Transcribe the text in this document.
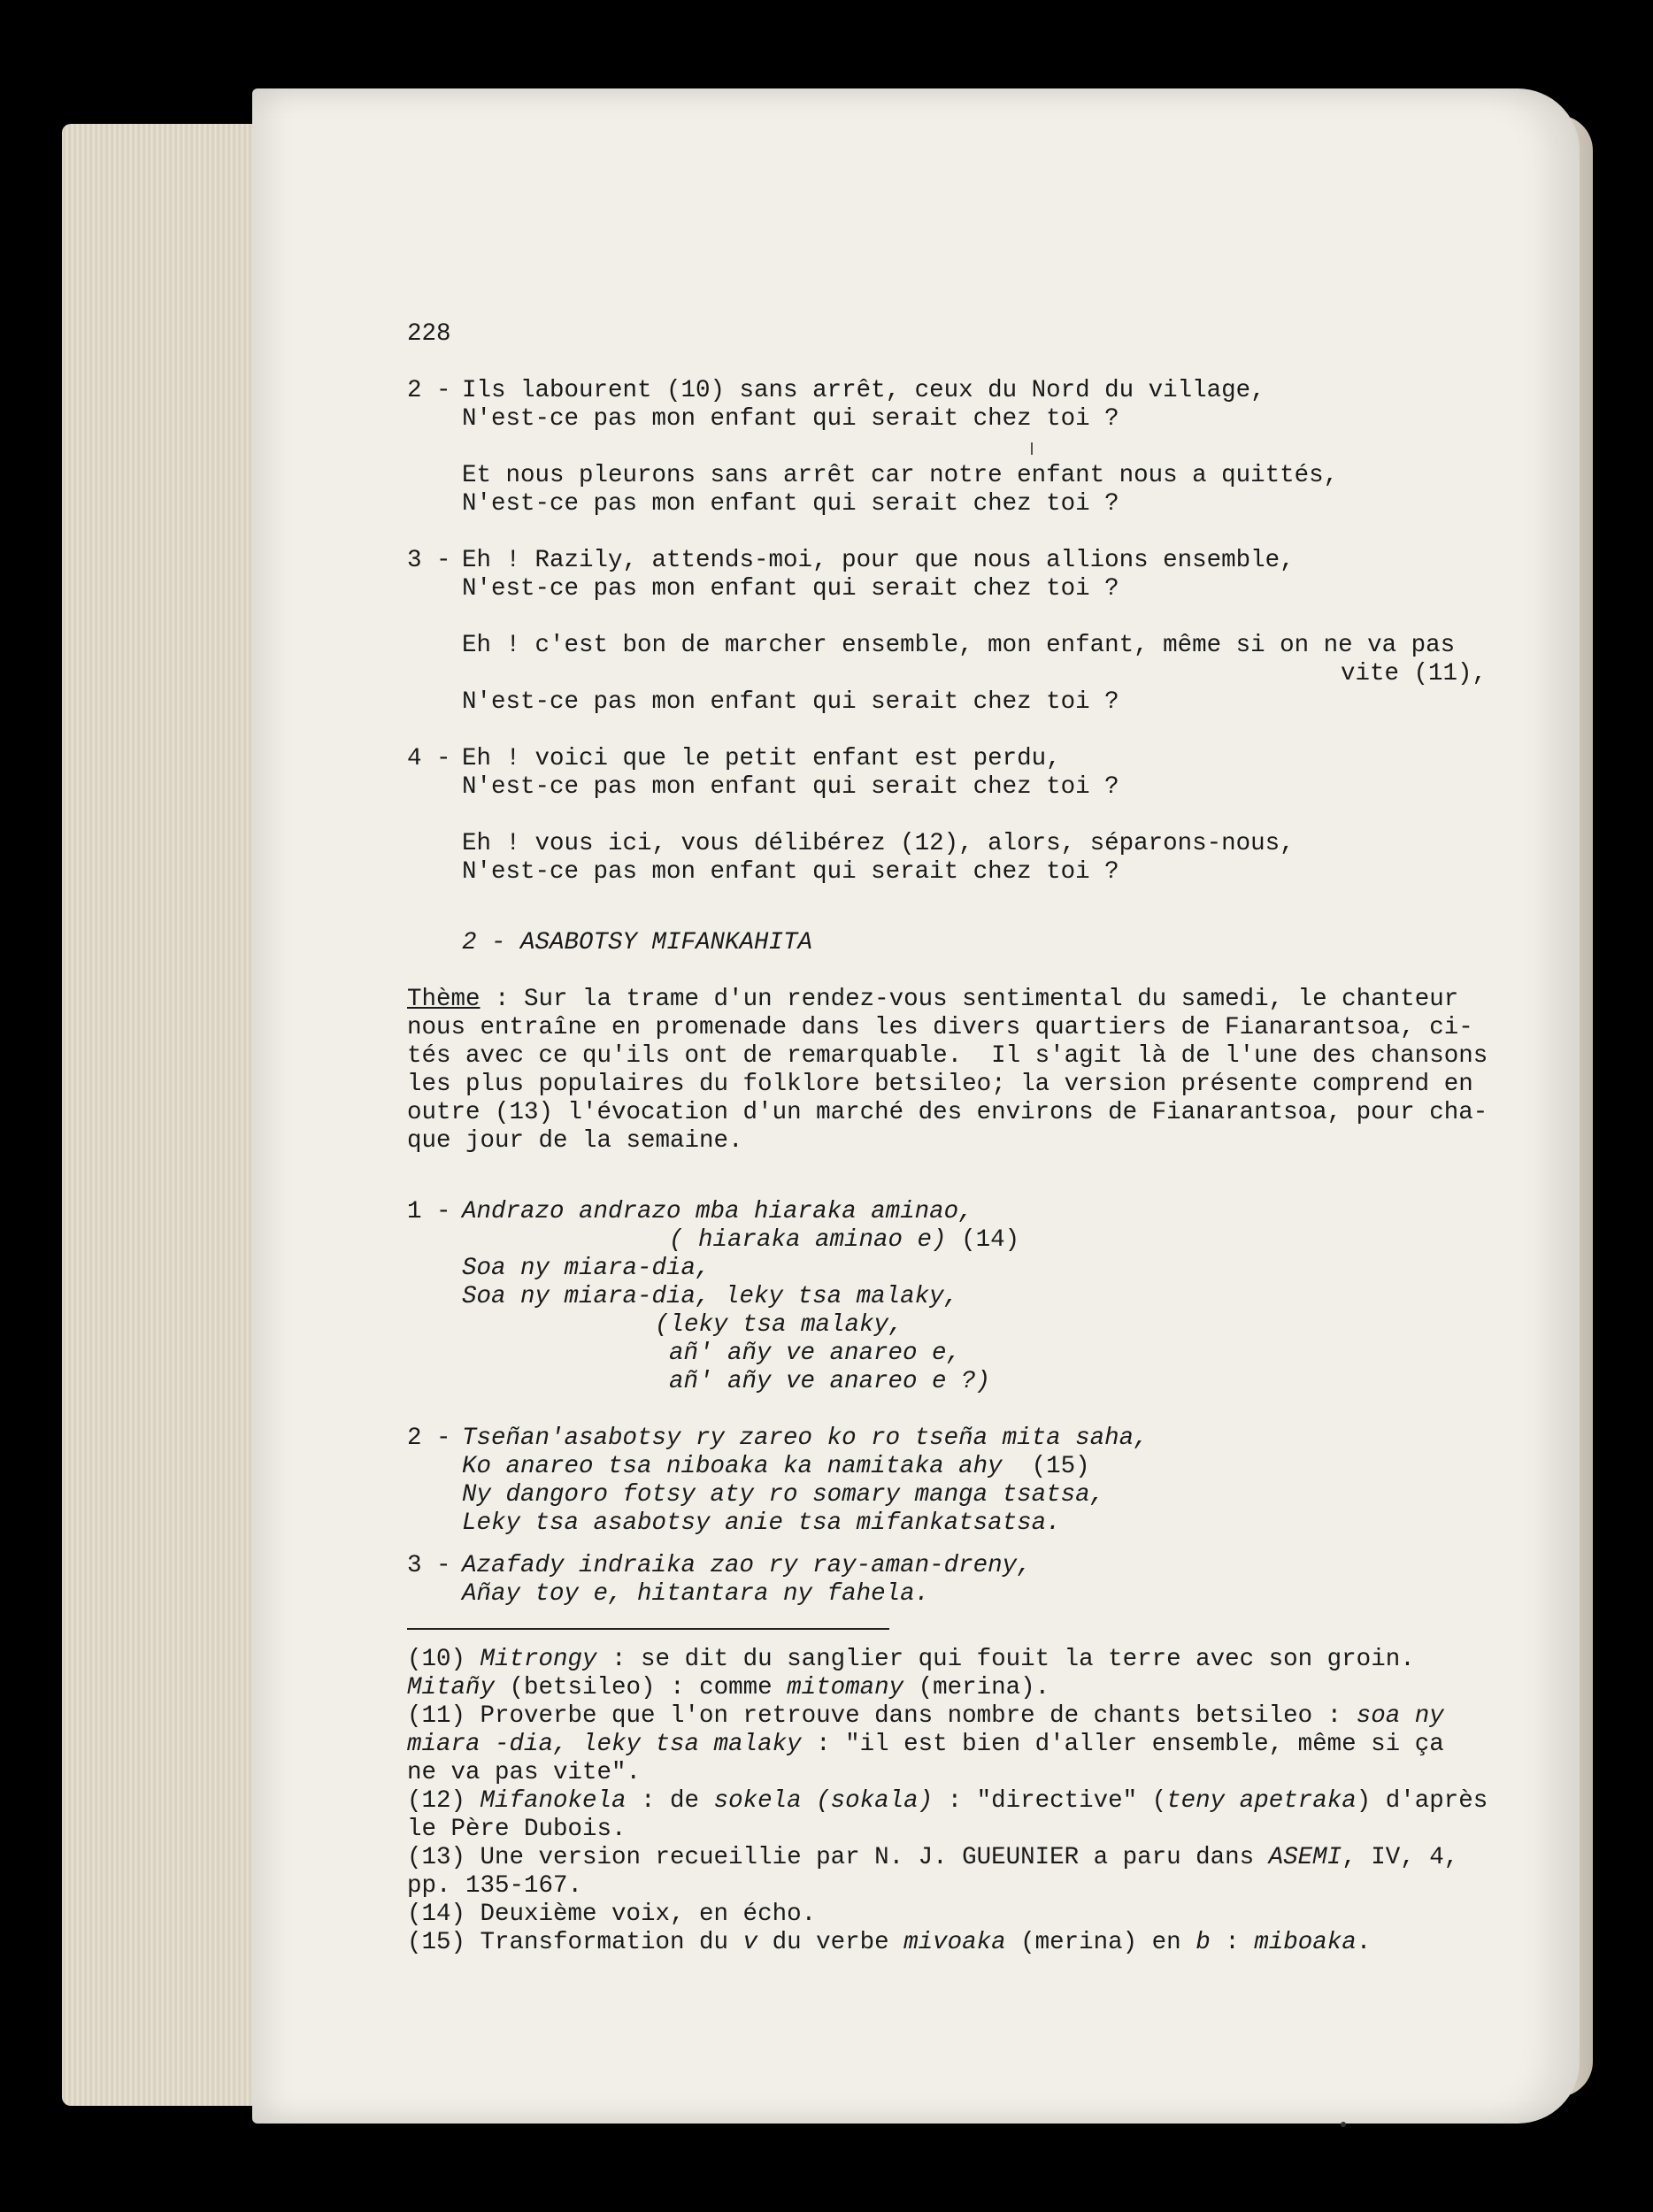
228
2 - Ils labourent (10) sans arrêt, ceux du Nord du village,
N'est-ce pas mon enfant qui serait chez toi ?
Et nous pleurons sans arrêt car notre enfant nous a quittés,
N'est-ce pas mon enfant qui serait chez toi ?
3 - Eh ! Razily, attends-moi, pour que nous allions ensemble,
N'est-ce pas mon enfant qui serait chez toi ?
Eh ! c'est bon de marcher ensemble, mon enfant, même si on ne va pas
vite (11),
N'est-ce pas mon enfant qui serait chez toi ?
4 - Eh ! voici que le petit enfant est perdu,
N'est-ce pas mon enfant qui serait chez toi ?
Eh ! vous ici, vous délibérez (12), alors, séparons-nous,
N'est-ce pas mon enfant qui serait chez toi ?
2 - ASABOTSY MIFANKAHITA
Thème : Sur la trame d'un rendez-vous sentimental du samedi, le chanteur
nous entraîne en promenade dans les divers quartiers de Fianarantsoa, ci-
tés avec ce qu'ils ont de remarquable.  Il s'agit là de l'une des chansons
les plus populaires du folklore betsileo; la version présente comprend en
outre (13) l'évocation d'un marché des environs de Fianarantsoa, pour cha-
que jour de la semaine.
1 - Andrazo andrazo mba hiaraka aminao,
( hiaraka aminao e) (14)
Soa ny miara-dia,
Soa ny miara-dia, leky tsa malaky,
(leky tsa malaky,
añ' añy ve anareo e,
añ' añy ve anareo e ?)
2 - Tseñan'asabotsy ry zareo ko ro tseña mita saha,
Ko anareo tsa niboaka ka namitaka ahy  (15)
Ny dangoro fotsy aty ro somary manga tsatsa,
Leky tsa asabotsy anie tsa mifankatsatsa.
3 - Azafady indraika zao ry ray-aman-dreny,
Añay toy e, hitantara ny fahela.
(10) Mitrongy : se dit du sanglier qui fouit la terre avec son groin.
Mitañy (betsileo) : comme mitomany (merina).
(11) Proverbe que l'on retrouve dans nombre de chants betsileo : soa ny
miara -dia, leky tsa malaky : "il est bien d'aller ensemble, même si ça
ne va pas vite".
(12) Mifanokela : de sokela (sokala) : "directive" (teny apetraka) d'après
le Père Dubois.
(13) Une version recueillie par N. J. GUEUNIER a paru dans ASEMI, IV, 4,
pp. 135-167.
(14) Deuxième voix, en écho.
(15) Transformation du v du verbe mivoaka (merina) en b : miboaka.
